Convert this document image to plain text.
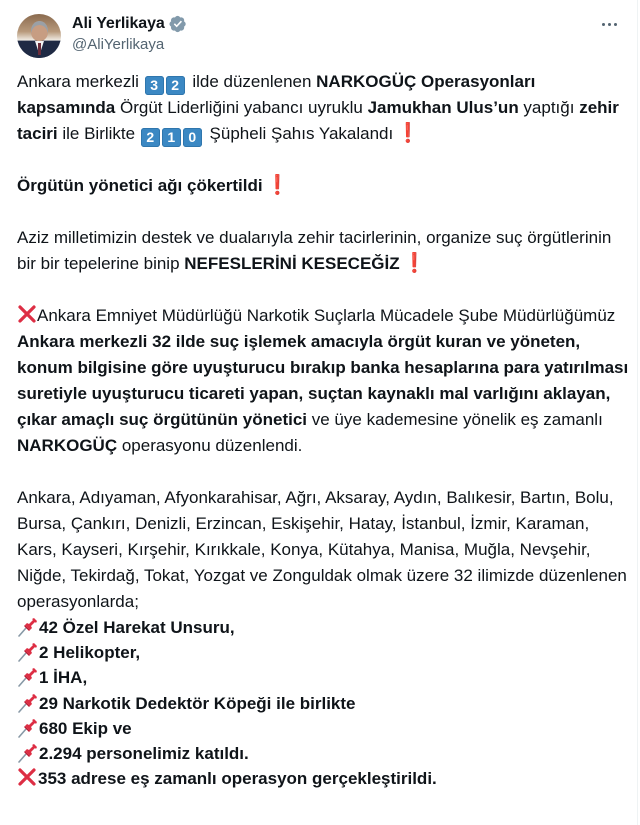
Ali Yerlikaya
@AliYerlikaya

Ankara merkezli 3 2 ilde düzenlenen NARKOGÜÇ Operasyonları kapsamında Örgüt Liderliğini yabancı uyruklu Jamukhan Ulus’un yaptığı zehir taciri ile Birlikte 2 1 0 Şüpheli Şahıs Yakalandı ❗

Örgütün yönetici ağı çökertildi ❗

Aziz milletimizin destek ve dualarıyla zehir tacirlerinin, organize suç örgütlerinin bir bir tepelerine binip NEFESLERİNİ KESECEĞİZ ❗

Ankara Emniyet Müdürlüğü Narkotik Suçlarla Mücadele Şube Müdürlüğümüz Ankara merkezli 32 ilde suç işlemek amacıyla örgüt kuran ve yöneten, konum bilgisine göre uyuşturucu bırakıp banka hesaplarına para yatırılması suretiyle uyuşturucu ticareti yapan, suçtan kaynaklı mal varlığını aklayan, çıkar amaçlı suç örgütünün yönetici ve üye kademesine yönelik eş zamanlı NARKOGÜÇ operasyonu düzenlendi.

Ankara, Adıyaman, Afyonkarahisar, Ağrı, Aksaray, Aydın, Balıkesir, Bartın, Bolu, Bursa, Çankırı, Denizli, Erzincan, Eskişehir, Hatay, İstanbul, İzmir, Karaman, Kars, Kayseri, Kırşehir, Kırıkkale, Konya, Kütahya, Manisa, Muğla, Nevşehir, Niğde, Tekirdağ, Tokat, Yozgat ve Zonguldak olmak üzere 32 ilimizde düzenlenen operasyonlarda;

42 Özel Harekat Unsuru,
2 Helikopter,
1 İHA,
29 Narkotik Dedektör Köpeği ile birlikte
680 Ekip ve
2.294 personelimiz katıldı.
353 adrese eş zamanlı operasyon gerçekleştirildi.
